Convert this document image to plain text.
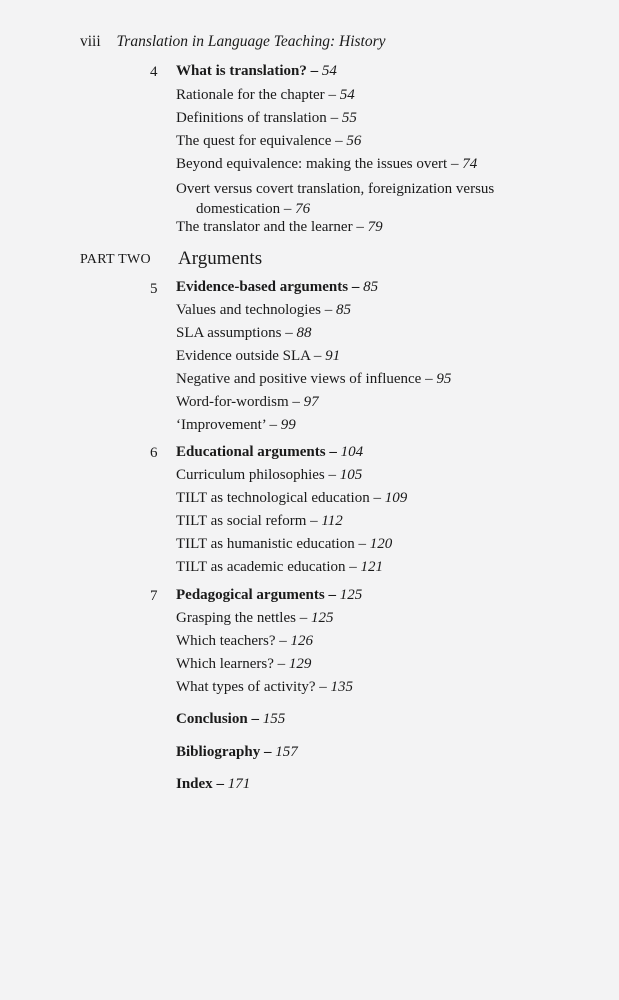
viii Translation in Language Teaching: History
4	What is translation? – 54
Rationale for the chapter – 54
Definitions of translation – 55
The quest for equivalence – 56
Beyond equivalence: making the issues overt – 74
Overt versus covert translation, foreignization versus
domestication – 76
The translator and the learner – 79
PART TWO Arguments
5	Evidence-based arguments – 85
Values and technologies – 85
SLA assumptions – 88
Evidence outside SLA – 91
Negative and positive views of influence – 95
Word-for-wordism – 97
‘Improvement’ – 99
6	Educational arguments – 104
Curriculum philosophies – 105
TILT as technological education – 109
TILT as social reform – 112
TILT as humanistic education – 120
TILT as academic education – 121
7	Pedagogical arguments – 125
Grasping the nettles – 125
Which teachers? – 126
Which learners? – 129
What types of activity? – 135
Conclusion – 155
Bibliography – 157
Index – 171
